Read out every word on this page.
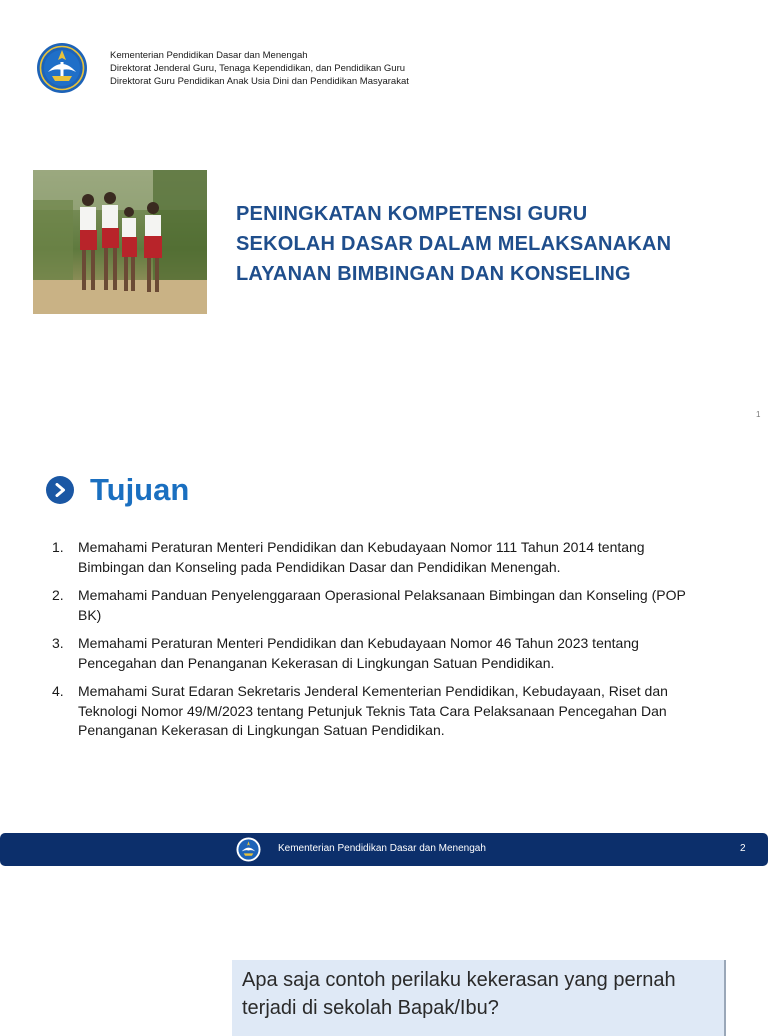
Kementerian Pendidikan Dasar dan Menengah
Direktorat Jenderal Guru, Tenaga Kependidikan, dan Pendidikan Guru
Direktorat Guru Pendidikan Anak Usia Dini dan Pendidikan Masyarakat
PENINGKATAN KOMPETENSI GURU
SEKOLAH DASAR DALAM MELAKSANAKAN
LAYANAN BIMBINGAN DAN KONSELING
1
Tujuan
1.	Memahami Peraturan Menteri Pendidikan dan Kebudayaan Nomor 111 Tahun 2014 tentang Bimbingan dan Konseling pada Pendidikan Dasar dan Pendidikan Menengah.
2.	Memahami Panduan Penyelenggaraan Operasional Pelaksanaan Bimbingan dan Konseling (POP BK)
3.	Memahami Peraturan Menteri Pendidikan dan Kebudayaan Nomor 46 Tahun 2023 tentang Pencegahan dan Penanganan Kekerasan di Lingkungan Satuan Pendidikan.
4.	Memahami Surat Edaran Sekretaris Jenderal Kementerian Pendidikan, Kebudayaan, Riset dan Teknologi Nomor 49/M/2023 tentang Petunjuk Teknis Tata Cara Pelaksanaan Pencegahan Dan Penanganan Kekerasan di Lingkungan Satuan Pendidikan.
Kementerian Pendidikan Dasar dan Menengah	2
Apa saja contoh perilaku kekerasan yang pernah terjadi di sekolah Bapak/Ibu?
